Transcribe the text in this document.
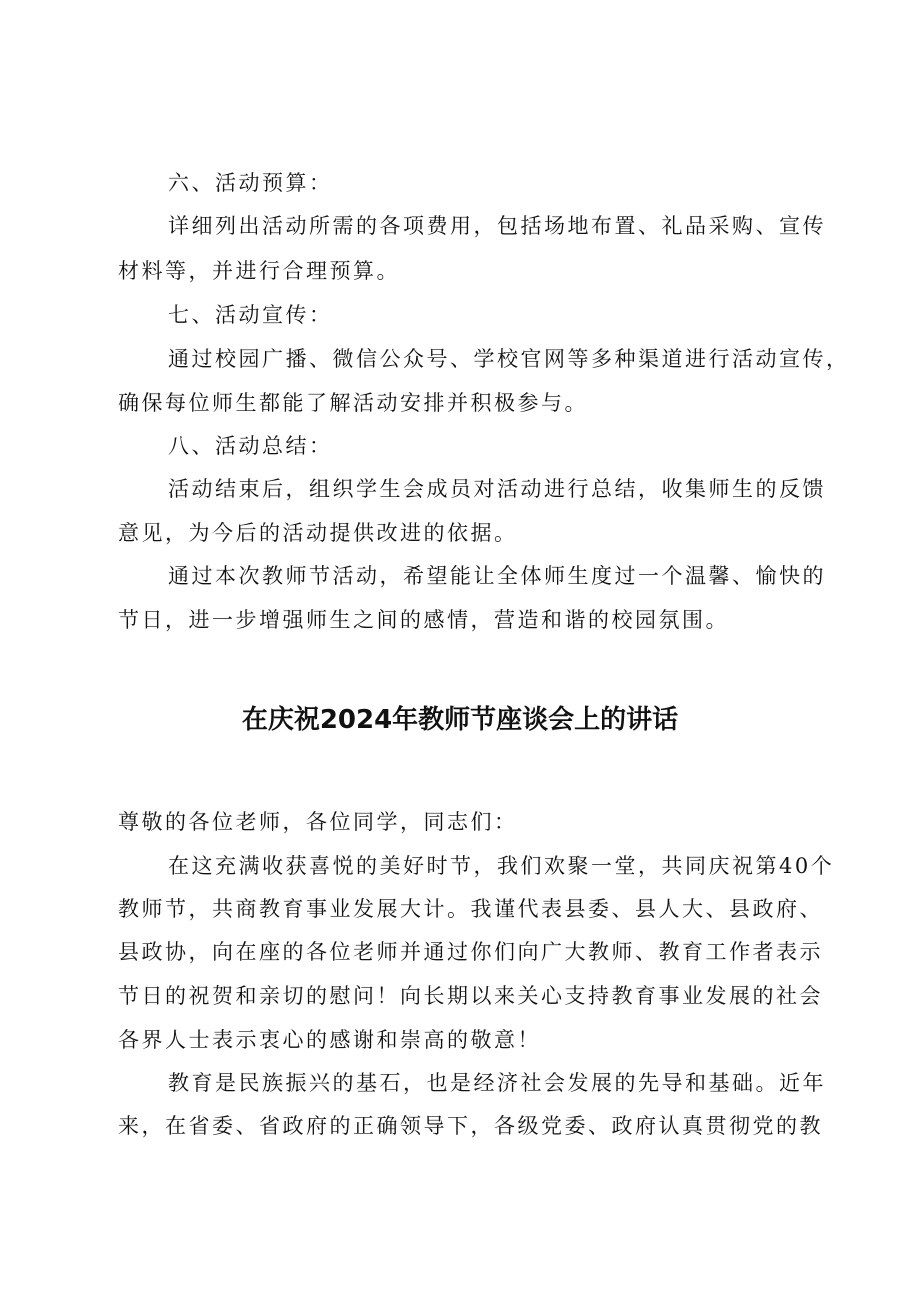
六、活动预算：
详细列出活动所需的各项费用，包括场地布置、礼品采购、宣传
材料等，并进行合理预算。
七、活动宣传：
通过校园广播、微信公众号、学校官网等多种渠道进行活动宣传，
确保每位师生都能了解活动安排并积极参与。
八、活动总结：
活动结束后，组织学生会成员对活动进行总结，收集师生的反馈
意见，为今后的活动提供改进的依据。
通过本次教师节活动，希望能让全体师生度过一个温馨、愉快的
节日，进一步增强师生之间的感情，营造和谐的校园氛围。
在庆祝2024年教师节座谈会上的讲话
尊敬的各位老师，各位同学，同志们：
在这充满收获喜悦的美好时节，我们欢聚一堂，共同庆祝第40个
教师节，共商教育事业发展大计。我谨代表县委、县人大、县政府、
县政协，向在座的各位老师并通过你们向广大教师、教育工作者表示
节日的祝贺和亲切的慰问！向长期以来关心支持教育事业发展的社会
各界人士表示衷心的感谢和崇高的敬意！
教育是民族振兴的基石，也是经济社会发展的先导和基础。近年
来，在省委、省政府的正确领导下，各级党委、政府认真贯彻党的教
